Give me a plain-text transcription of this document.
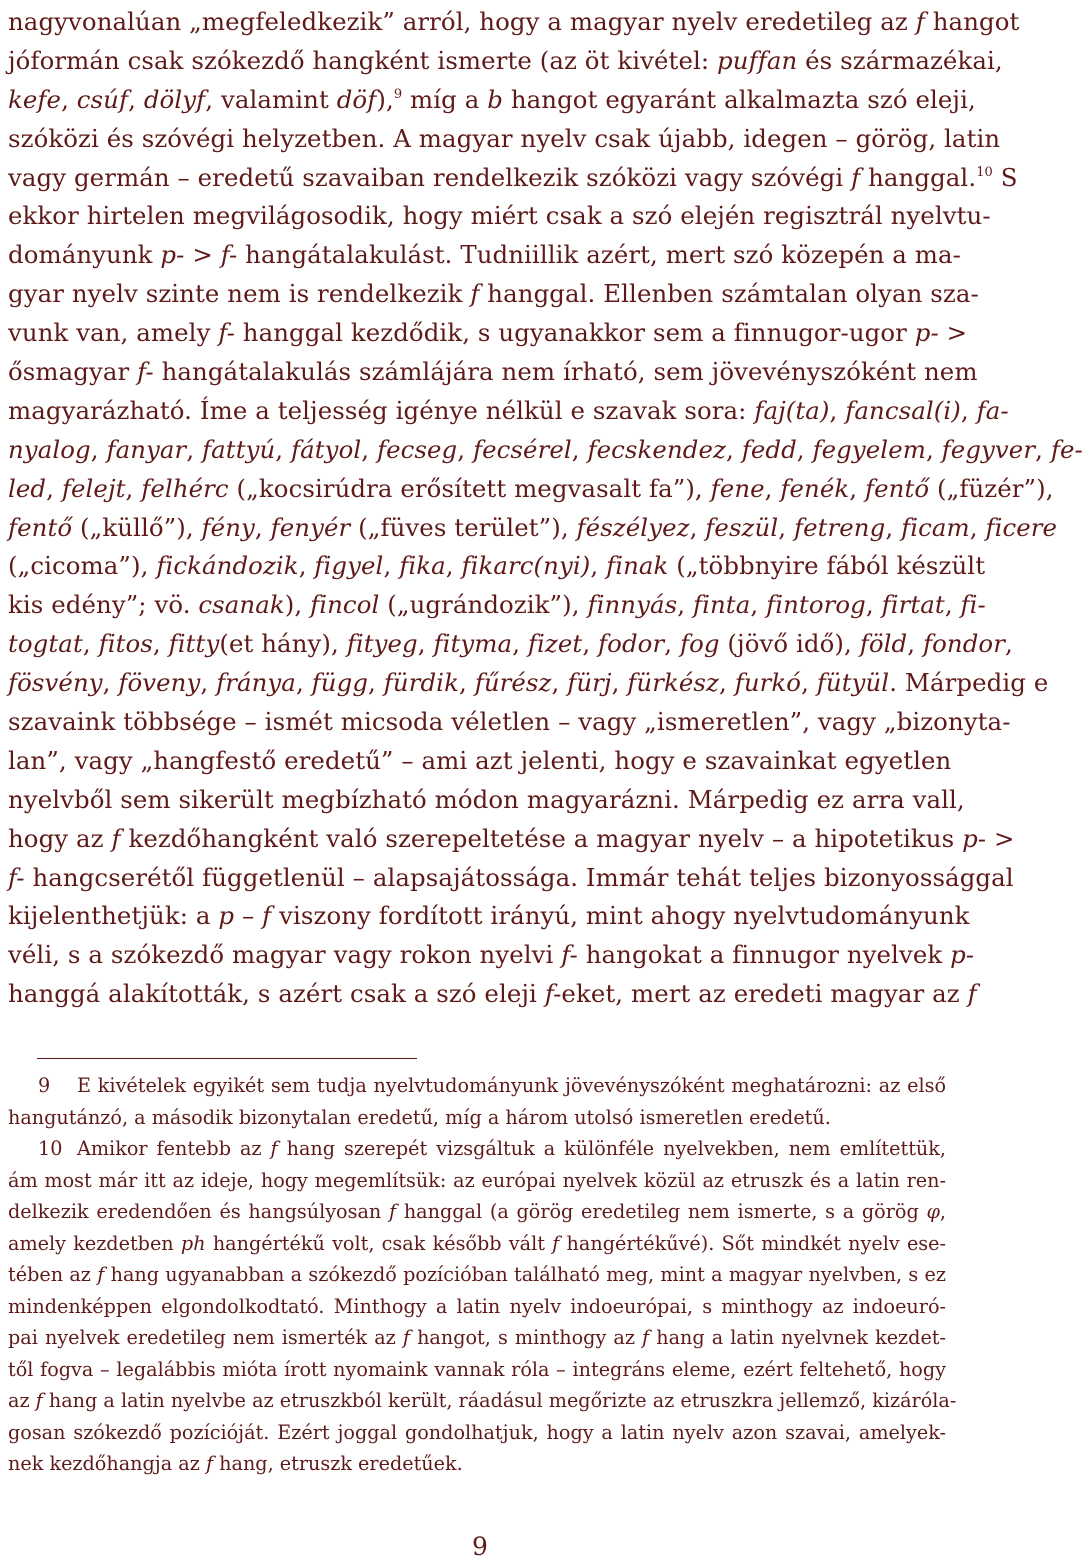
nagyvonalúan „megfeledkezik” arról, hogy a magyar nyelv eredetileg az f hangot
jóformán csak szókezdő hangként ismerte (az öt kivétel: puffan és származékai,
kefe, csúf, dölyf, valamint döf),$^9$ míg a b hangot egyaránt alkalmazta szó eleji,
szóközi és szóvégi helyzetben. A magyar nyelv csak újabb, idegen – görög, latin
vagy germán – eredetű szavaiban rendelkezik szóközi vagy szóvégi f hanggal.$^{10}$ S
ekkor hirtelen megvilágosodik, hogy miért csak a szó elején regisztrál nyelvtu-
dományunk p- > f- hangátalakulást. Tudniillik azért, mert szó közepén a ma-
gyar nyelv szinte nem is rendelkezik f hanggal. Ellenben számtalan olyan sza-
vunk van, amely f- hanggal kezdődik, s ugyanakkor sem a finnugor-ugor p- >
ősmagyar f- hangátalakulás számlájára nem írható, sem jövevényszóként nem
magyarázható. Íme a teljesség igénye nélkül e szavak sora: faj(ta), fancsal(i), fa-
nyalog, fanyar, fattyú, fátyol, fecseg, fecsérel, fecskendez, fedd, fegyelem, fegyver, fe-
led, felejt, felhérc („kocsirúdra erősített megvasalt fa”), fene, fenék, fentő („füzér”),
fentő („küllő”), fény, fenyér („füves terület”), fészélyez, feszül, fetreng, ficam, ficere
(„cicoma”), fickándozik, figyel, fika, fikarc(nyi), finak („többnyire fából készült
kis edény”; vö. csanak), fincol („ugrándozik”), finnyás, finta, fintorog, firtat, fi-
togtat, fitos, fitty(et hány), fityeg, fityma, fizet, fodor, fog (jövő idő), föld, fondor,
fösvény, föveny, fránya, függ, fürdik, fűrész, fürj, fürkész, furkó, fütyül. Márpedig e
szavaink többsége – ismét micsoda véletlen – vagy „ismeretlen”, vagy „bizonyta-
lan”, vagy „hangfestő eredetű” – ami azt jelenti, hogy e szavainkat egyetlen
nyelvből sem sikerült megbízható módon magyarázni. Márpedig ez arra vall,
hogy az f kezdőhangként való szerepeltetése a magyar nyelv – a hipotetikus p- >
f- hangcserétől függetlenül – alapsajátossága. Immár tehát teljes bizonyossággal
kijelenthetjük: a p – f viszony fordított irányú, mint ahogy nyelvtudományunk
véli, s a szókezdő magyar vagy rokon nyelvi f- hangokat a finnugor nyelvek p-
hanggá alakították, s azért csak a szó eleji f-eket, mert az eredeti magyar az f
9 E kivételek egyikét sem tudja nyelvtudományunk jövevényszóként meghatározni: az első
hangutánzó, a második bizonytalan eredetű, míg a három utolsó ismeretlen eredetű.
10 Amikor fentebb az f hang szerepét vizsgáltuk a különféle nyelvekben, nem említettük,
ám most már itt az ideje, hogy megemlítsük: az európai nyelvek közül az etruszk és a latin ren-
delkezik eredendően és hangsúlyosan f hanggal (a görög eredetileg nem ismerte, s a görög φ,
amely kezdetben ph hangértékű volt, csak később vált f hangértékűvé). Sőt mindkét nyelv ese-
tében az f hang ugyanabban a szókezdő pozícióban található meg, mint a magyar nyelvben, s ez
mindenképpen elgondolkodtató. Minthogy a latin nyelv indoeurópai, s minthogy az indoeuró-
pai nyelvek eredetileg nem ismerték az f hangot, s minthogy az f hang a latin nyelvnek kezdet-
től fogva – legalábbis mióta írott nyomaink vannak róla – integráns eleme, ezért feltehető, hogy
az f hang a latin nyelvbe az etruszkból került, ráadásul megőrizte az etruszkra jellemző, kizáróla-
gosan szókezdő pozícióját. Ezért joggal gondolhatjuk, hogy a latin nyelv azon szavai, amelyek-
nek kezdőhangja az f hang, etruszk eredetűek.
9
